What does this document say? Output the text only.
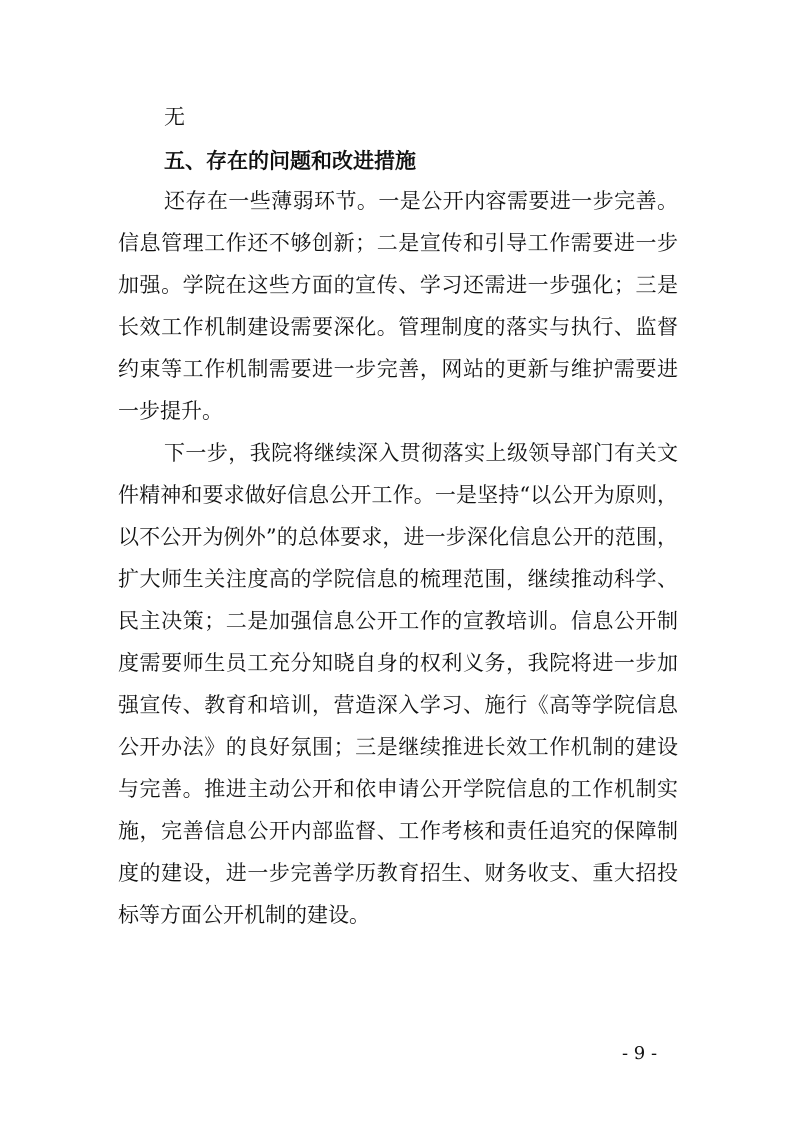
无
五、存在的问题和改进措施
还存在一些薄弱环节。一是公开内容需要进一步完善。
信息管理工作还不够创新；二是宣传和引导工作需要进一步
加强。学院在这些方面的宣传、学习还需进一步强化；三是
长效工作机制建设需要深化。管理制度的落实与执行、监督
约束等工作机制需要进一步完善，网站的更新与维护需要进
一步提升。
下一步，我院将继续深入贯彻落实上级领导部门有关文
件精神和要求做好信息公开工作。一是坚持“以公开为原则，
以不公开为例外”的总体要求，进一步深化信息公开的范围，
扩大师生关注度高的学院信息的梳理范围，继续推动科学、
民主决策；二是加强信息公开工作的宣教培训。信息公开制
度需要师生员工充分知晓自身的权利义务，我院将进一步加
强宣传、教育和培训，营造深入学习、施行《高等学院信息
公开办法》的良好氛围；三是继续推进长效工作机制的建设
与完善。推进主动公开和依申请公开学院信息的工作机制实
施，完善信息公开内部监督、工作考核和责任追究的保障制
度的建设，进一步完善学历教育招生、财务收支、重大招投
标等方面公开机制的建设。
- 9 -
